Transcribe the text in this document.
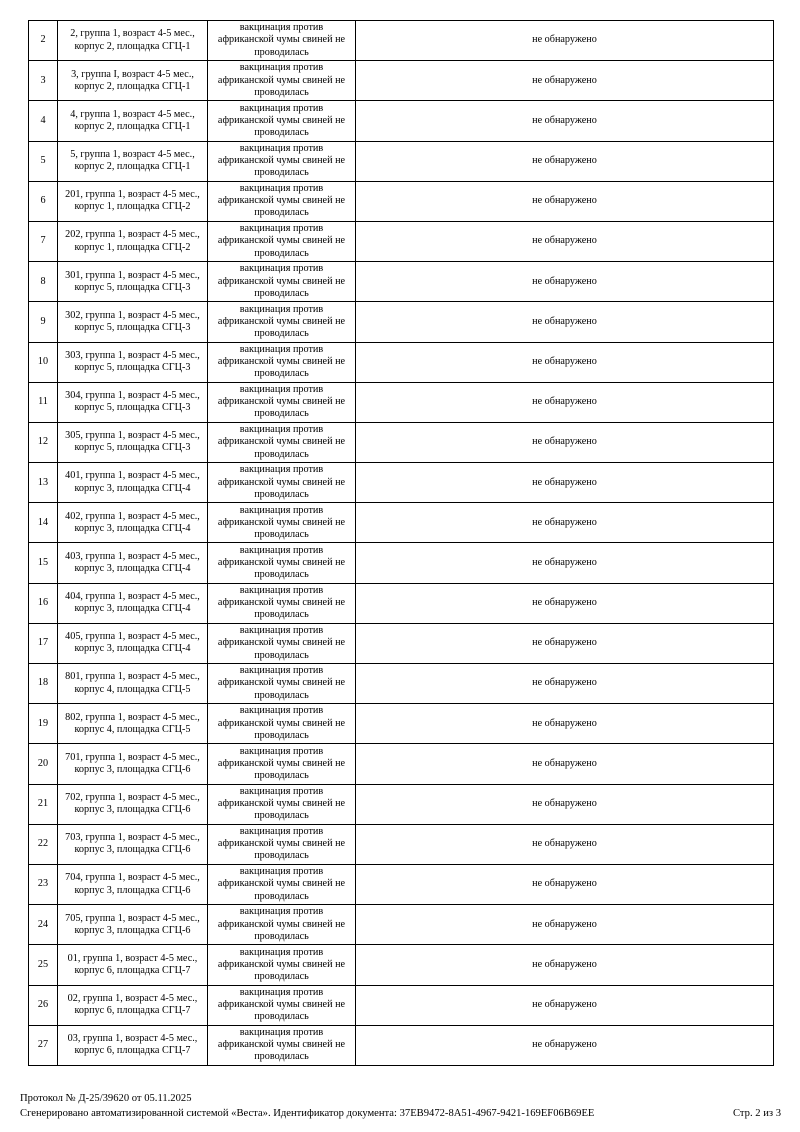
2	2, группа 1, возраст 4-5 мес.,
корпус 2, площадка СГЦ-1	вакцинация против
африканской чумы свиней не
проводилась	не обнаружено
3	3, группа I, возраст 4-5 мес.,
корпус 2, площадка СГЦ-1	вакцинация против
африканской чумы свиней не
проводилась	не обнаружено
4	4, группа 1, возраст 4-5 мес.,
корпус 2, площадка СГЦ-1	вакцинация против
африканской чумы свиней не
проводилась	не обнаружено
5	5, группа 1, возраст 4-5 мес.,
корпус 2, площадка СГЦ-1	вакцинация против
африканской чумы свиней не
проводилась	не обнаружено
6	201, группа 1, возраст 4-5 мес.,
корпус 1, площадка СГЦ-2	вакцинация против
африканской чумы свиней не
проводилась	не обнаружено
7	202, группа 1, возраст 4-5 мес.,
корпус 1, площадка СГЦ-2	вакцинация против
африканской чумы свиней не
проводилась	не обнаружено
8	301, группа 1, возраст 4-5 мес.,
корпус 5, площадка СГЦ-3	вакцинация против
африканской чумы свиней не
проводилась	не обнаружено
9	302, группа 1, возраст 4-5 мес.,
корпус 5, площадка СГЦ-3	вакцинация против
африканской чумы свиней не
проводилась	не обнаружено
10	303, группа 1, возраст 4-5 мес.,
корпус 5, площадка СГЦ-3	вакцинация против
африканской чумы свиней не
проводилась	не обнаружено
11	304, группа 1, возраст 4-5 мес.,
корпус 5, площадка СГЦ-3	вакцинация против
африканской чумы свиней не
проводилась	не обнаружено
12	305, группа 1, возраст 4-5 мес.,
корпус 5, площадка СГЦ-3	вакцинация против
африканской чумы свиней не
проводилась	не обнаружено
13	401, группа 1, возраст 4-5 мес.,
корпус 3, площадка СГЦ-4	вакцинация против
африканской чумы свиней не
проводилась	не обнаружено
14	402, группа 1, возраст 4-5 мес.,
корпус 3, площадка СГЦ-4	вакцинация против
африканской чумы свиней не
проводилась	не обнаружено
15	403, группа 1, возраст 4-5 мес.,
корпус 3, площадка СГЦ-4	вакцинация против
африканской чумы свиней не
проводилась	не обнаружено
16	404, группа 1, возраст 4-5 мес.,
корпус 3, площадка СГЦ-4	вакцинация против
африканской чумы свиней не
проводилась	не обнаружено
17	405, группа 1, возраст 4-5 мес.,
корпус 3, площадка СГЦ-4	вакцинация против
африканской чумы свиней не
проводилась	не обнаружено
18	801, группа 1, возраст 4-5 мес.,
корпус 4, площадка СГЦ-5	вакцинация против
африканской чумы свиней не
проводилась	не обнаружено
19	802, группа 1, возраст 4-5 мес.,
корпус 4, площадка СГЦ-5	вакцинация против
африканской чумы свиней не
проводилась	не обнаружено
20	701, группа 1, возраст 4-5 мес.,
корпус 3, площадка СГЦ-6	вакцинация против
африканской чумы свиней не
проводилась	не обнаружено
21	702, группа 1, возраст 4-5 мес.,
корпус 3, площадка СГЦ-6	вакцинация против
африканской чумы свиней не
проводилась	не обнаружено
22	703, группа 1, возраст 4-5 мес.,
корпус 3, площадка СГЦ-6	вакцинация против
африканской чумы свиней не
проводилась	не обнаружено
23	704, группа 1, возраст 4-5 мес.,
корпус 3, площадка СГЦ-6	вакцинация против
африканской чумы свиней не
проводилась	не обнаружено
24	705, группа 1, возраст 4-5 мес.,
корпус 3, площадка СГЦ-6	вакцинация против
африканской чумы свиней не
проводилась	не обнаружено
25	01, группа 1, возраст 4-5 мес.,
корпус 6, площадка СГЦ-7	вакцинация против
африканской чумы свиней не
проводилась	не обнаружено
26	02, группа 1, возраст 4-5 мес.,
корпус 6, площадка СГЦ-7	вакцинация против
африканской чумы свиней не
проводилась	не обнаружено
27	03, группа 1, возраст 4-5 мес.,
корпус 6, площадка СГЦ-7	вакцинация против
африканской чумы свиней не
проводилась	не обнаружено
Протокол № Д-25/39620 от 05.11.2025
Сгенерировано автоматизированной системой «Веста». Идентификатор документа: 37EB9472-8A51-4967-9421-169EF06B69EE	Стр. 2 из 3
